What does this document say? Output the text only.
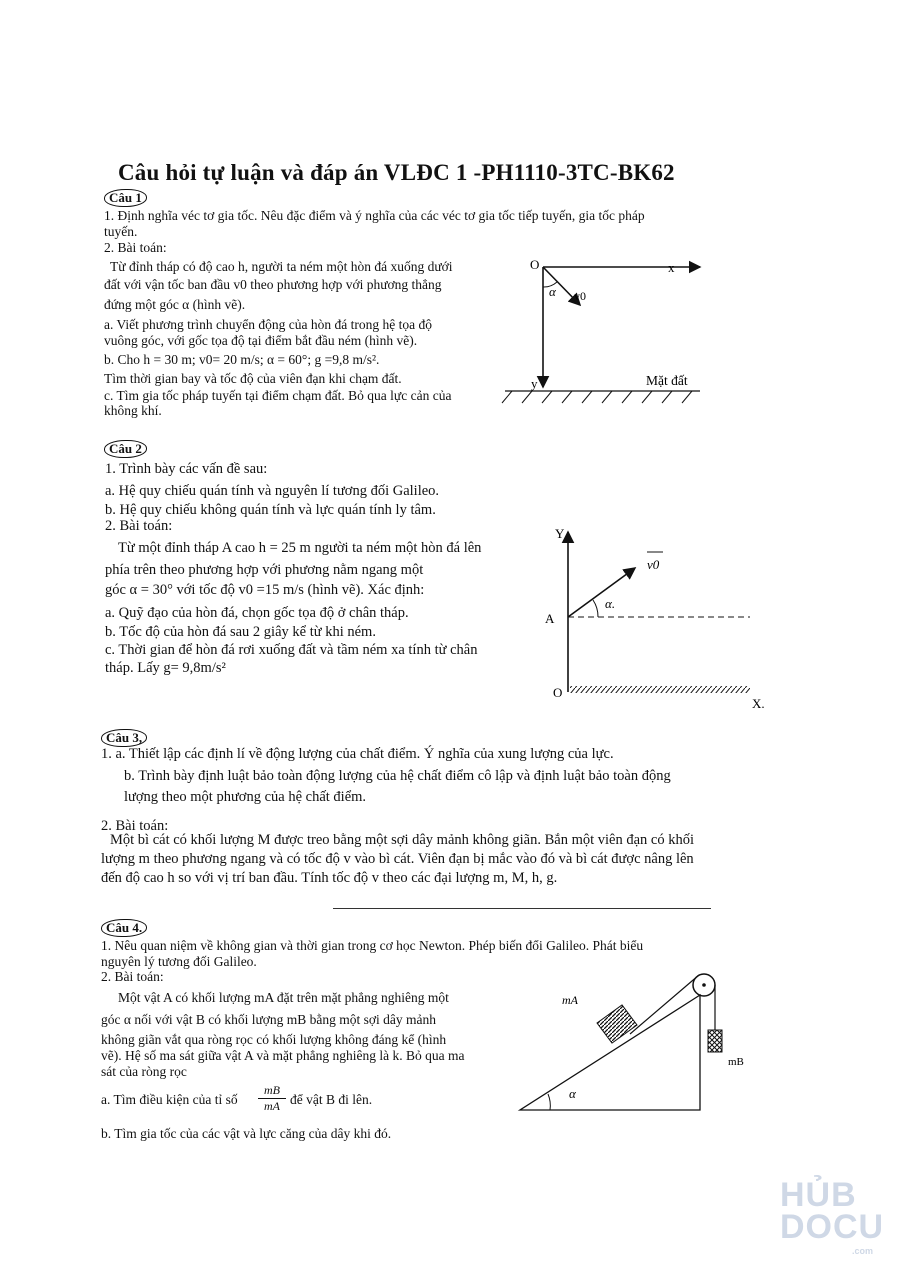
Câu hỏi tự luận và đáp án VLĐC 1 -PH1110-3TC-BK62
Câu 1
1. Định nghĩa véc tơ gia tốc. Nêu đặc điểm và ý nghĩa của các véc tơ gia tốc tiếp tuyến, gia tốc pháp
tuyến.
2. Bài toán:
Từ đỉnh tháp có độ cao h, người ta ném một hòn đá xuống dưới
đất với vận tốc ban đầu v0 theo phương hợp với phương thẳng
đứng một góc α (hình vẽ).
a. Viết phương trình chuyển động của hòn đá trong hệ tọa độ
vuông góc, với gốc tọa độ tại điểm bắt đầu ném (hình vẽ).
b. Cho h = 30 m; v0= 20 m/s; α = 60°; g =9,8 m/s².
Tìm thời gian bay và tốc độ của viên đạn khi chạm đất.
c. Tìm gia tốc pháp tuyến tại điểm chạm đất. Bỏ qua lực cản của
không khí.
O	x
y
α v0
Mặt đất
Câu 2
1. Trình bày các vấn đề sau:
a. Hệ quy chiếu quán tính và nguyên lí tương đối Galileo.
b. Hệ quy chiếu không quán tính và lực quán tính ly tâm.
2. Bài toán:
Từ một đỉnh tháp A cao h = 25 m người ta ném một hòn đá lên
phía trên theo phương hợp với phương nằm ngang một
góc α = 30° với tốc độ v0 =15 m/s (hình vẽ). Xác định:
a. Quỹ đạo của hòn đá, chọn gốc tọa độ ở chân tháp.
b. Tốc độ của hòn đá sau 2 giây kể từ khi ném.
c. Thời gian để hòn đá rơi xuống đất và tầm ném xa tính từ chân
tháp. Lấy g= 9,8m/s²
Y
A
O
X.
α.
v0
Câu 3,
1. a. Thiết lập các định lí về động lượng của chất điểm. Ý nghĩa của xung lượng của lực.
b. Trình bày định luật bảo toàn động lượng của hệ chất điểm cô lập và định luật bảo toàn động
lượng theo một phương của hệ chất điểm.
2. Bài toán:
Một bì cát có khối lượng M được treo bằng một sợi dây mảnh không giãn. Bắn một viên đạn có khối
lượng m theo phương ngang và có tốc độ v vào bì cát. Viên đạn bị mắc vào đó và bì cát được nâng lên
đến độ cao h so với vị trí ban đầu. Tính tốc độ v theo các đại lượng m, M, h, g.
Câu 4.
1. Nêu quan niệm về không gian và thời gian trong cơ học Newton. Phép biến đổi Galileo. Phát biểu
nguyên lý tương đối Galileo.
2. Bài toán:
Một vật A có khối lượng mA đặt trên mặt phẳng nghiêng một
góc α nối với vật B có khối lượng mB bằng một sợi dây mảnh
không giãn vắt qua ròng rọc có khối lượng không đáng kể (hình
vẽ). Hệ số ma sát giữa vật A và mặt phẳng nghiêng là k. Bỏ qua ma
sát của ròng rọc
a. Tìm điều kiện của tỉ số $\frac{mB}{mA}$ để vật B đi lên.
b. Tìm gia tốc của các vật và lực căng của dây khi đó.
mA
mB
α
HỦB
DOCU
.com
